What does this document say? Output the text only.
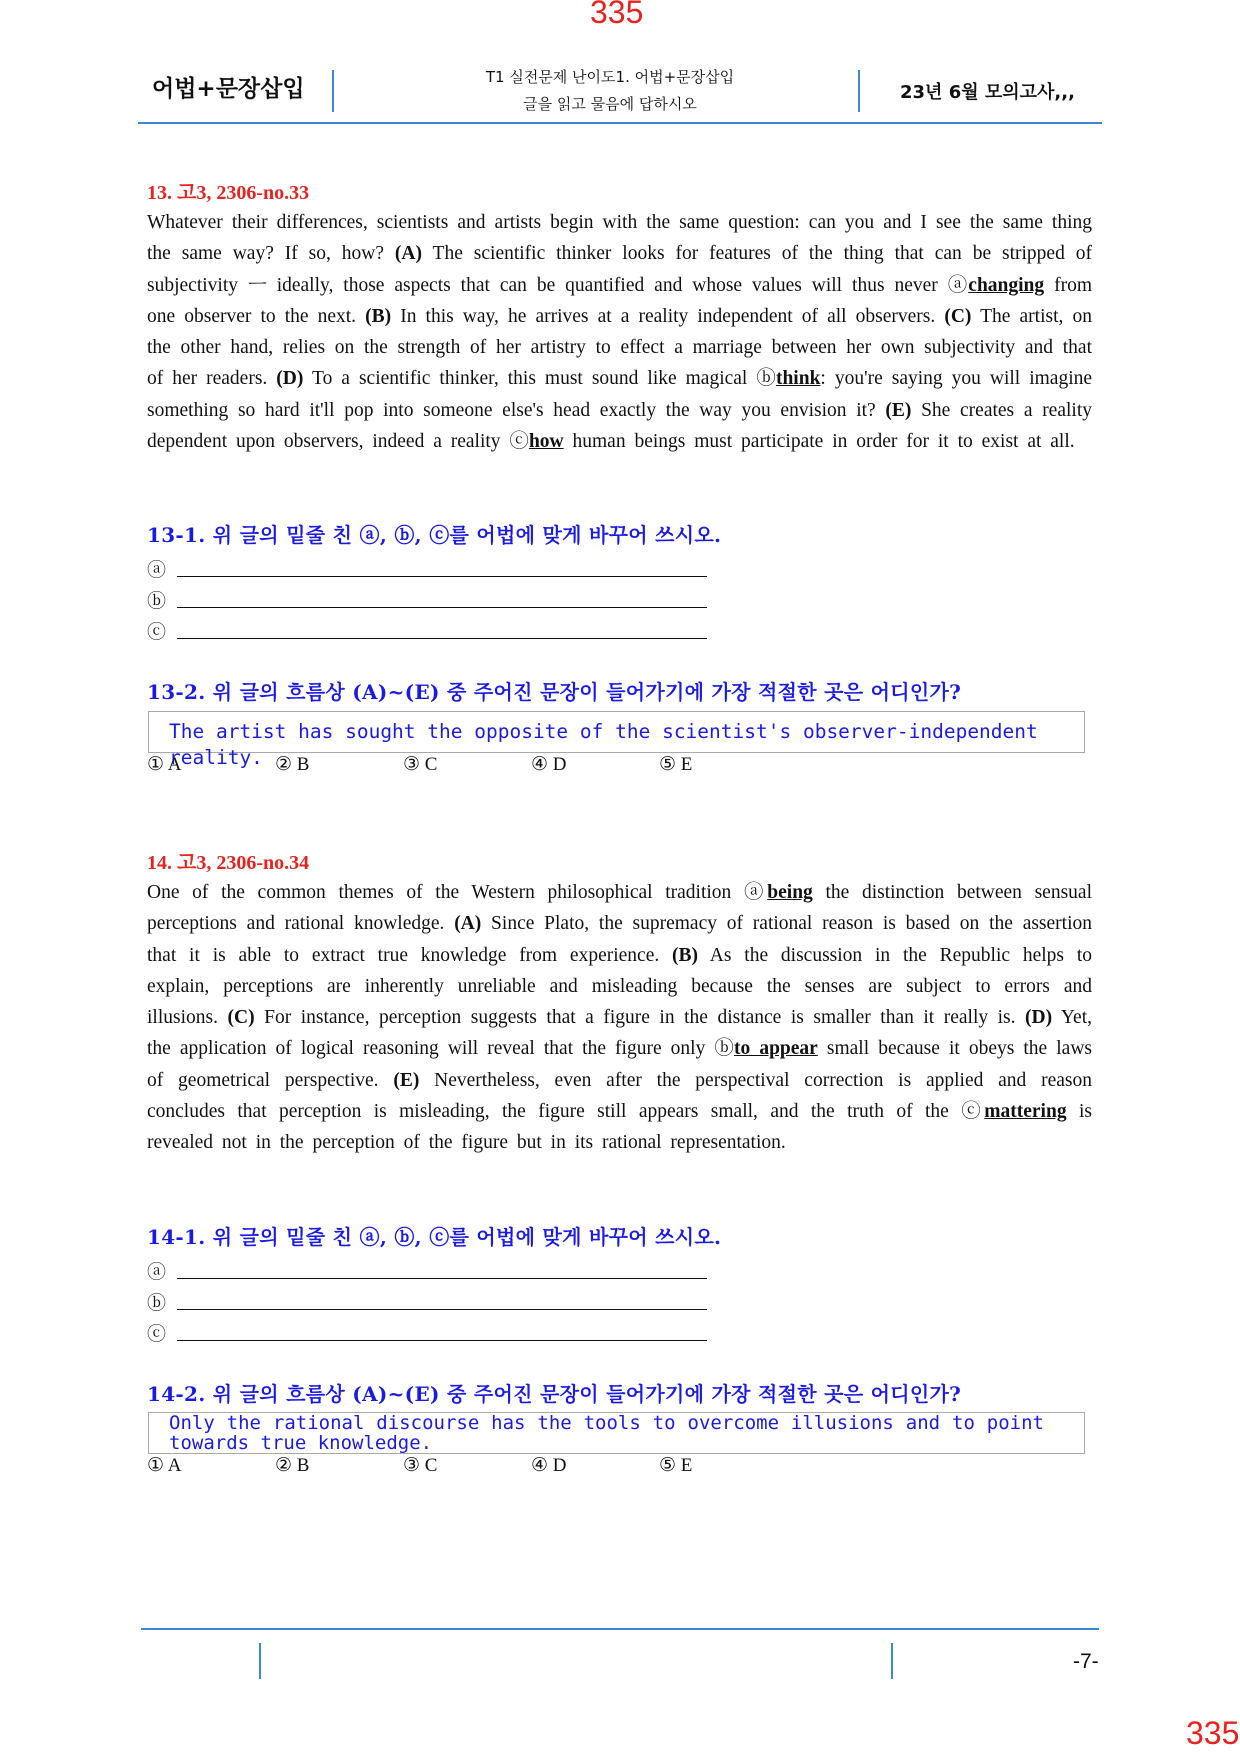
335
어법+문장삽입	T1 실전문제 난이도1. 어법+문장삽입
글을 읽고 물음에 답하시오
23년 6월 모의고사,,,
13. 고3, 2306-no.33
Whatever their differences, scientists and artists begin with the same question: can you and I see the same thing the same way? If so, how? (A) The scientific thinker looks for features of the thing that can be stripped of subjectivity ㅡ ideally, those aspects that can be quantified and whose values will thus never ⓐchanging from one observer to the next. (B) In this way, he arrives at a reality independent of all observers. (C) The artist, on the other hand, relies on the strength of her artistry to effect a marriage between her own subjectivity and that of her readers. (D) To a scientific thinker, this must sound like magical ⓑthink: you're saying you will imagine something so hard it'll pop into someone else's head exactly the way you envision it? (E) She creates a reality dependent upon observers, indeed a reality ⓒhow human beings must participate in order for it to exist at all.
13-1. 위 글의 밑줄 친 ⓐ, ⓑ, ⓒ를 어법에 맞게 바꾸어 쓰시오.
ⓐ
ⓑ
ⓒ
13-2. 위 글의 흐름상 (A)~(E) 중 주어진 문장이 들어가기에 가장 적절한 곳은 어디인가?
The artist has sought the opposite of the scientist's observer-independent reality.
① A	② B	③ C	④ D	⑤ E
14. 고3, 2306-no.34
One of the common themes of the Western philosophical tradition ⓐbeing the distinction between sensual perceptions and rational knowledge. (A) Since Plato, the supremacy of rational reason is based on the assertion that it is able to extract true knowledge from experience. (B) As the discussion in the Republic helps to explain, perceptions are inherently unreliable and misleading because the senses are subject to errors and illusions. (C) For instance, perception suggests that a figure in the distance is smaller than it really is. (D) Yet, the application of logical reasoning will reveal that the figure only ⓑto appear small because it obeys the laws of geometrical perspective. (E) Nevertheless, even after the perspectival correction is applied and reason concludes that perception is misleading, the figure still appears small, and the truth of the ⓒmattering is revealed not in the perception of the figure but in its rational representation.
14-1. 위 글의 밑줄 친 ⓐ, ⓑ, ⓒ를 어법에 맞게 바꾸어 쓰시오.
ⓐ
ⓑ
ⓒ
14-2. 위 글의 흐름상 (A)~(E) 중 주어진 문장이 들어가기에 가장 적절한 곳은 어디인가?
Only the rational discourse has the tools to overcome illusions and to point towards true knowledge.
① A	② B	③ C	④ D	⑤ E
-7-
335
